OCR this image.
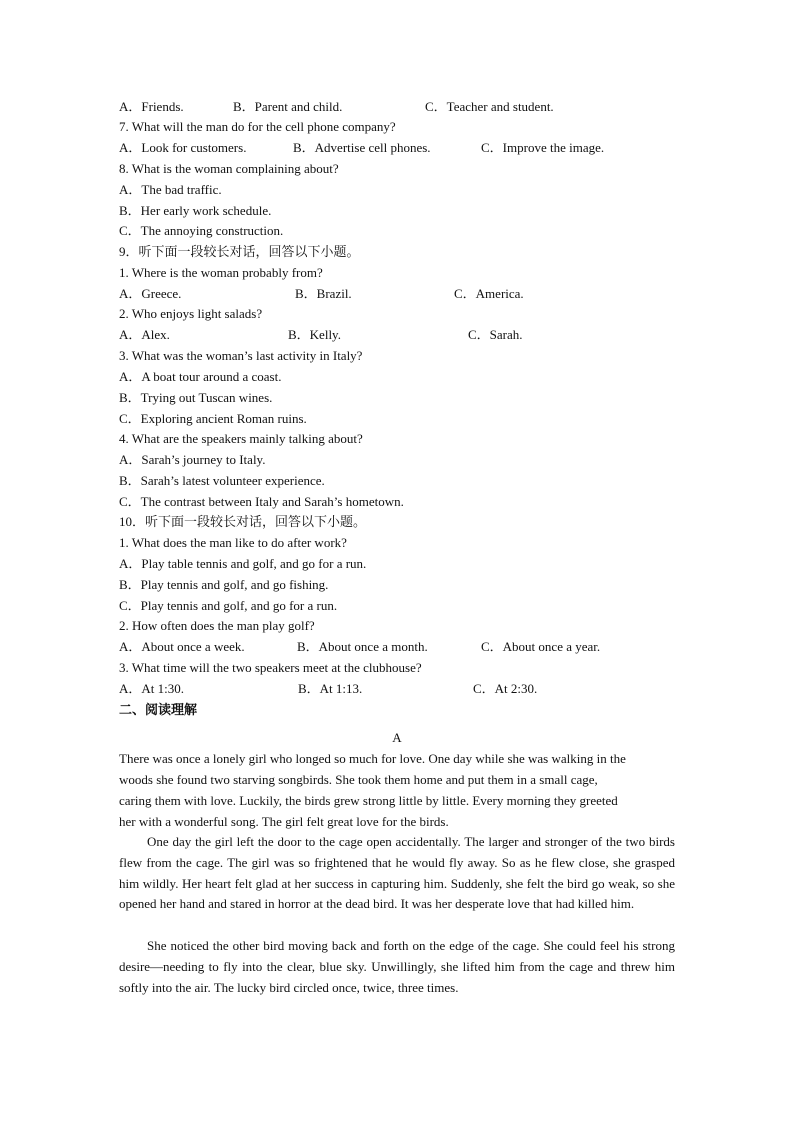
A．Friends.	B．Parent and child.	C．Teacher and student.
7. What will the man do for the cell phone company?
A．Look for customers.	B．Advertise cell phones.	C．Improve the image.
8. What is the woman complaining about?
A．The bad traffic.
B．Her early work schedule.
C．The annoying construction.
9．听下面一段较长对话，回答以下小题。
1. Where is the woman probably from?
A．Greece.	B．Brazil.	C．America.
2. Who enjoys light salads?
A．Alex.	B．Kelly.	C．Sarah.
3. What was the woman’s last activity in Italy?
A．A boat tour around a coast.
B．Trying out Tuscan wines.
C．Exploring ancient Roman ruins.
4. What are the speakers mainly talking about?
A．Sarah’s journey to Italy.
B．Sarah’s latest volunteer experience.
C．The contrast between Italy and Sarah’s hometown.
10．听下面一段较长对话，回答以下小题。
1. What does the man like to do after work?
A．Play table tennis and golf, and go for a run.
B．Play tennis and golf, and go fishing.
C．Play tennis and golf, and go for a run.
2. How often does the man play golf?
A．About once a week.	B．About once a month.	C．About once a year.
3. What time will the two speakers meet at the clubhouse?
A．At 1:30.	B．At 1:13.	C．At 2:30.
二、阅读理解
A
There was once a lonely girl who longed so much for love. One day while she was walking in the
woods she found two starving songbirds. She took them home and put them in a small cage,
caring them with love. Luckily, the birds grew strong little by little. Every morning they greeted
her with a wonderful song. The girl felt great love for the birds.

One day the girl left the door to the cage open accidentally. The larger and stronger of the two birds flew from the cage. The girl was so frightened that he would fly away. So as he flew close, she grasped him wildly. Her heart felt glad at her success in capturing him. Suddenly, she felt the bird go weak, so she opened her hand and stared in horror at the dead bird. It was her desperate love that had killed him.

She noticed the other bird moving back and forth on the edge of the cage. She could feel his strong desire—needing to fly into the clear, blue sky. Unwillingly, she lifted him from the cage and threw him softly into the air. The lucky bird circled once, twice, three times.
